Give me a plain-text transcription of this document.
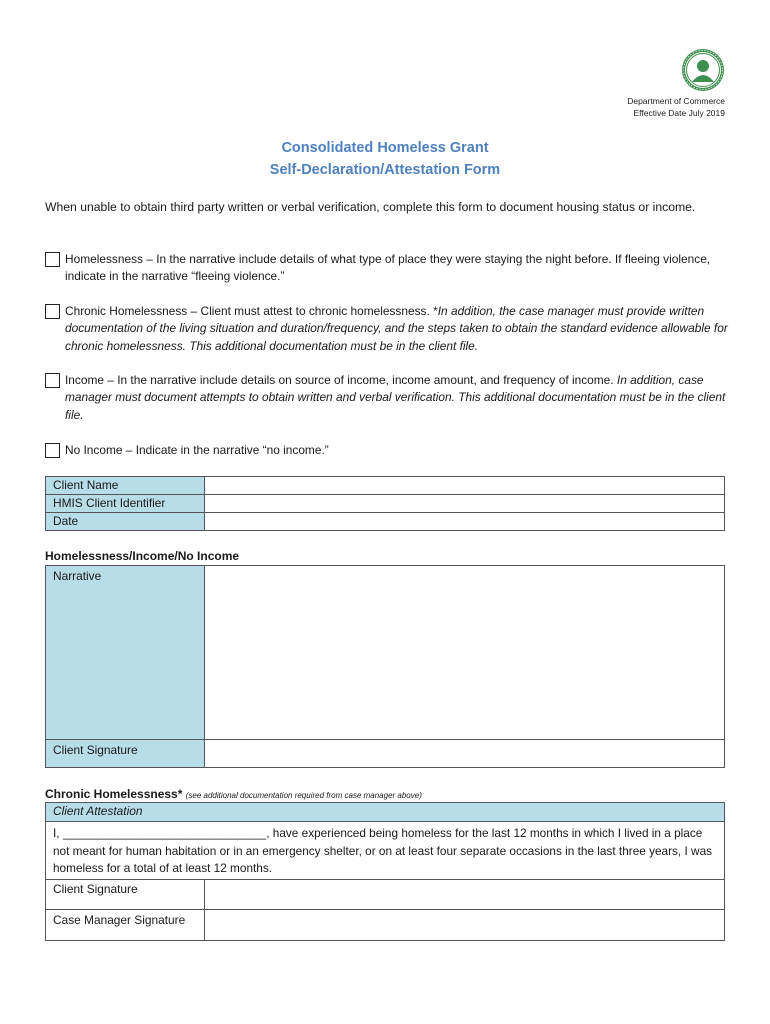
Department of Commerce
Effective Date July 2019
Consolidated Homeless Grant
Self-Declaration/Attestation Form
When unable to obtain third party written or verbal verification, complete this form to document housing status or income.
Homelessness – In the narrative include details of what type of place they were staying the night before. If fleeing violence, indicate in the narrative “fleeing violence.”
Chronic Homelessness – Client must attest to chronic homelessness. *In addition, the case manager must provide written documentation of the living situation and duration/frequency, and the steps taken to obtain the standard evidence allowable for chronic homelessness. This additional documentation must be in the client file.
Income – In the narrative include details on source of income, income amount, and frequency of income. In addition, case manager must document attempts to obtain written and verbal verification. This additional documentation must be in the client file.
No Income – Indicate in the narrative “no income.”
Client Name	
HMIS Client Identifier	
Date	
Homelessness/Income/No Income
Narrative	
Client Signature	
Chronic Homelessness* (see additional documentation required from case manager above)
Client Attestation	
I, _______________________________, have experienced being homeless for the last 12 months in which I lived in a place not meant for human habitation or in an emergency shelter, or on at least four separate occasions in the last three years, I was homeless for a total of at least 12 months.	
Client Signature	
Case Manager Signature	
